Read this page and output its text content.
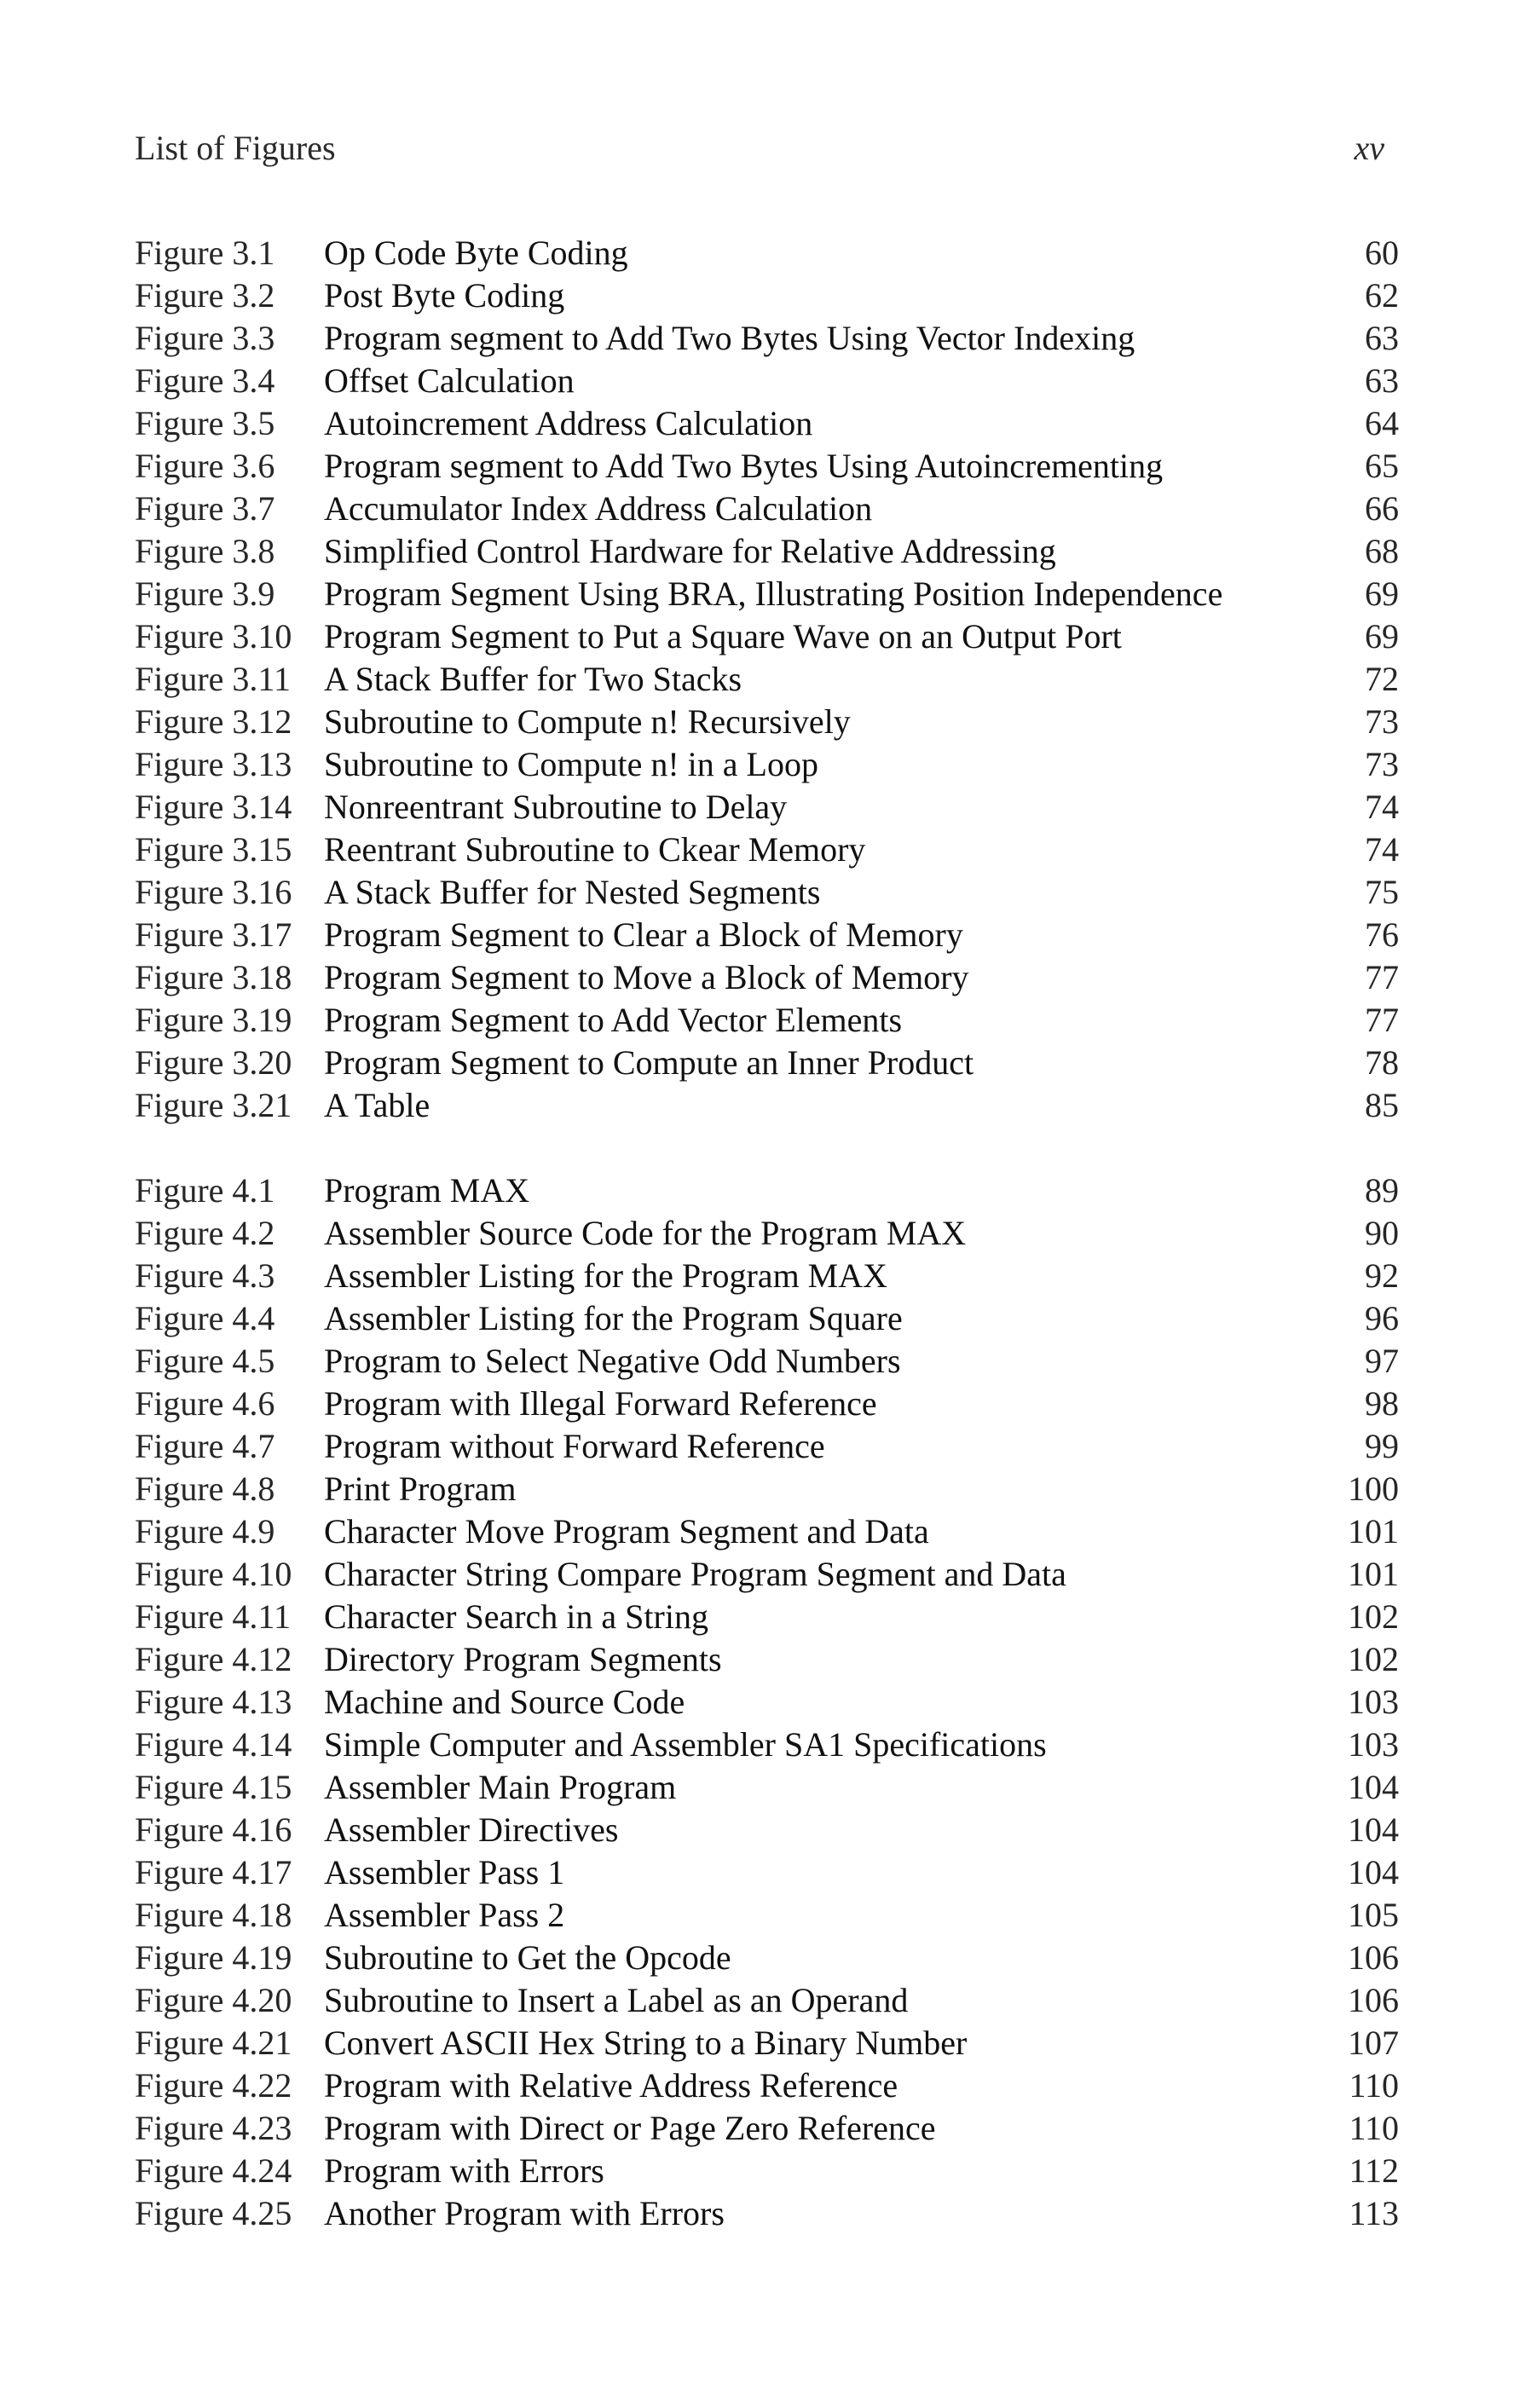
List of Figures	xv
Figure 3.1 Op Code Byte Coding	60
Figure 3.2 Post Byte Coding	62
Figure 3.3 Program segment to Add Two Bytes Using Vector Indexing	63
Figure 3.4 Offset Calculation	63
Figure 3.5 Autoincrement Address Calculation	64
Figure 3.6 Program segment to Add Two Bytes Using Autoincrementing	65
Figure 3.7 Accumulator Index Address Calculation	66
Figure 3.8 Simplified Control Hardware for Relative Addressing	68
Figure 3.9 Program Segment Using BRA, Illustrating Position Independence	69
Figure 3.10 Program Segment to Put a Square Wave on an Output Port	69
Figure 3.11 A Stack Buffer for Two Stacks	72
Figure 3.12 Subroutine to Compute n! Recursively	73
Figure 3.13 Subroutine to Compute n! in a Loop	73
Figure 3.14 Nonreentrant Subroutine to Delay	74
Figure 3.15 Reentrant Subroutine to Ckear Memory	74
Figure 3.16 A Stack Buffer for Nested Segments	75
Figure 3.17 Program Segment to Clear a Block of Memory	76
Figure 3.18 Program Segment to Move a Block of Memory	77
Figure 3.19 Program Segment to Add Vector Elements	77
Figure 3.20 Program Segment to Compute an Inner Product	78
Figure 3.21 A Table	85
Figure 4.1 Program MAX	89
Figure 4.2 Assembler Source Code for the Program MAX	90
Figure 4.3 Assembler Listing for the Program MAX	92
Figure 4.4 Assembler Listing for the Program Square	96
Figure 4.5 Program to Select Negative Odd Numbers	97
Figure 4.6 Program with Illegal Forward Reference	98
Figure 4.7 Program without Forward Reference	99
Figure 4.8 Print Program	100
Figure 4.9 Character Move Program Segment and Data	101
Figure 4.10 Character String Compare Program Segment and Data	101
Figure 4.11 Character Search in a String	102
Figure 4.12 Directory Program Segments	102
Figure 4.13 Machine and Source Code	103
Figure 4.14 Simple Computer and Assembler SA1 Specifications	103
Figure 4.15 Assembler Main Program	104
Figure 4.16 Assembler Directives	104
Figure 4.17 Assembler Pass 1	104
Figure 4.18 Assembler Pass 2	105
Figure 4.19 Subroutine to Get the Opcode	106
Figure 4.20 Subroutine to Insert a Label as an Operand	106
Figure 4.21 Convert ASCII Hex String to a Binary Number	107
Figure 4.22 Program with Relative Address Reference	110
Figure 4.23 Program with Direct or Page Zero Reference	110
Figure 4.24 Program with Errors	112
Figure 4.25 Another Program with Errors	113
